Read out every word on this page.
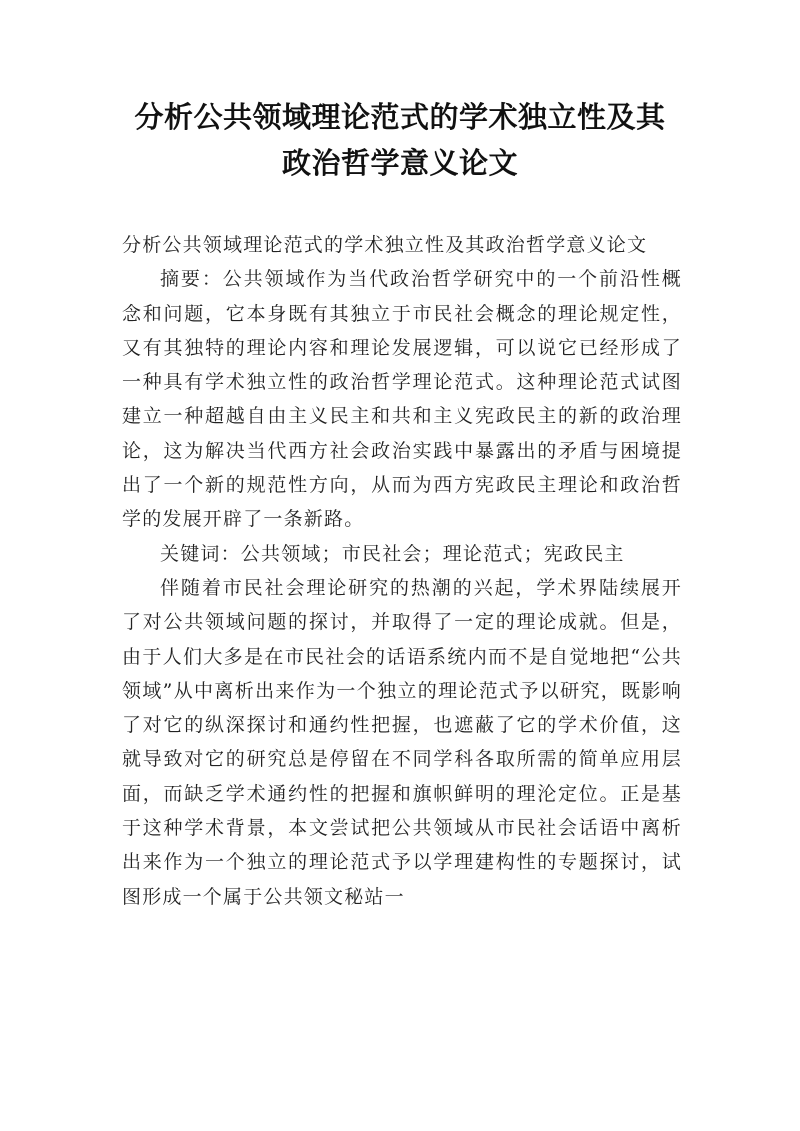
分析公共领域理论范式的学术独立性及其
政治哲学意义论文

分析公共领域理论范式的学术独立性及其政治哲学意义论文

摘要：公共领域作为当代政治哲学研究中的一个前沿性概念和问题，它本身既有其独立于市民社会概念的理论规定性，又有其独特的理论内容和理论发展逻辑，可以说它已经形成了一种具有学术独立性的政治哲学理论范式。这种理论范式试图建立一种超越自由主义民主和共和主义宪政民主的新的政治理论，这为解决当代西方社会政治实践中暴露出的矛盾与困境提出了一个新的规范性方向，从而为西方宪政民主理论和政治哲学的发展开辟了一条新路。

关键词：公共领域；市民社会；理论范式；宪政民主

伴随着市民社会理论研究的热潮的兴起，学术界陆续展开了对公共领域问题的探讨，并取得了一定的理论成就。但是，由于人们大多是在市民社会的话语系统内而不是自觉地把“公共领域”从中离析出来作为一个独立的理论范式予以研究，既影响了对它的纵深探讨和通约性把握，也遮蔽了它的学术价值，这就导致对它的研究总是停留在不同学科各取所需的简单应用层面，而缺乏学术通约性的把握和旗帜鲜明的理沦定位。正是基于这种学术背景，本文尝试把公共领域从市民社会话语中离析出来作为一个独立的理论范式予以学理建构性的专题探讨，试图形成一个属于公共领文秘站一
